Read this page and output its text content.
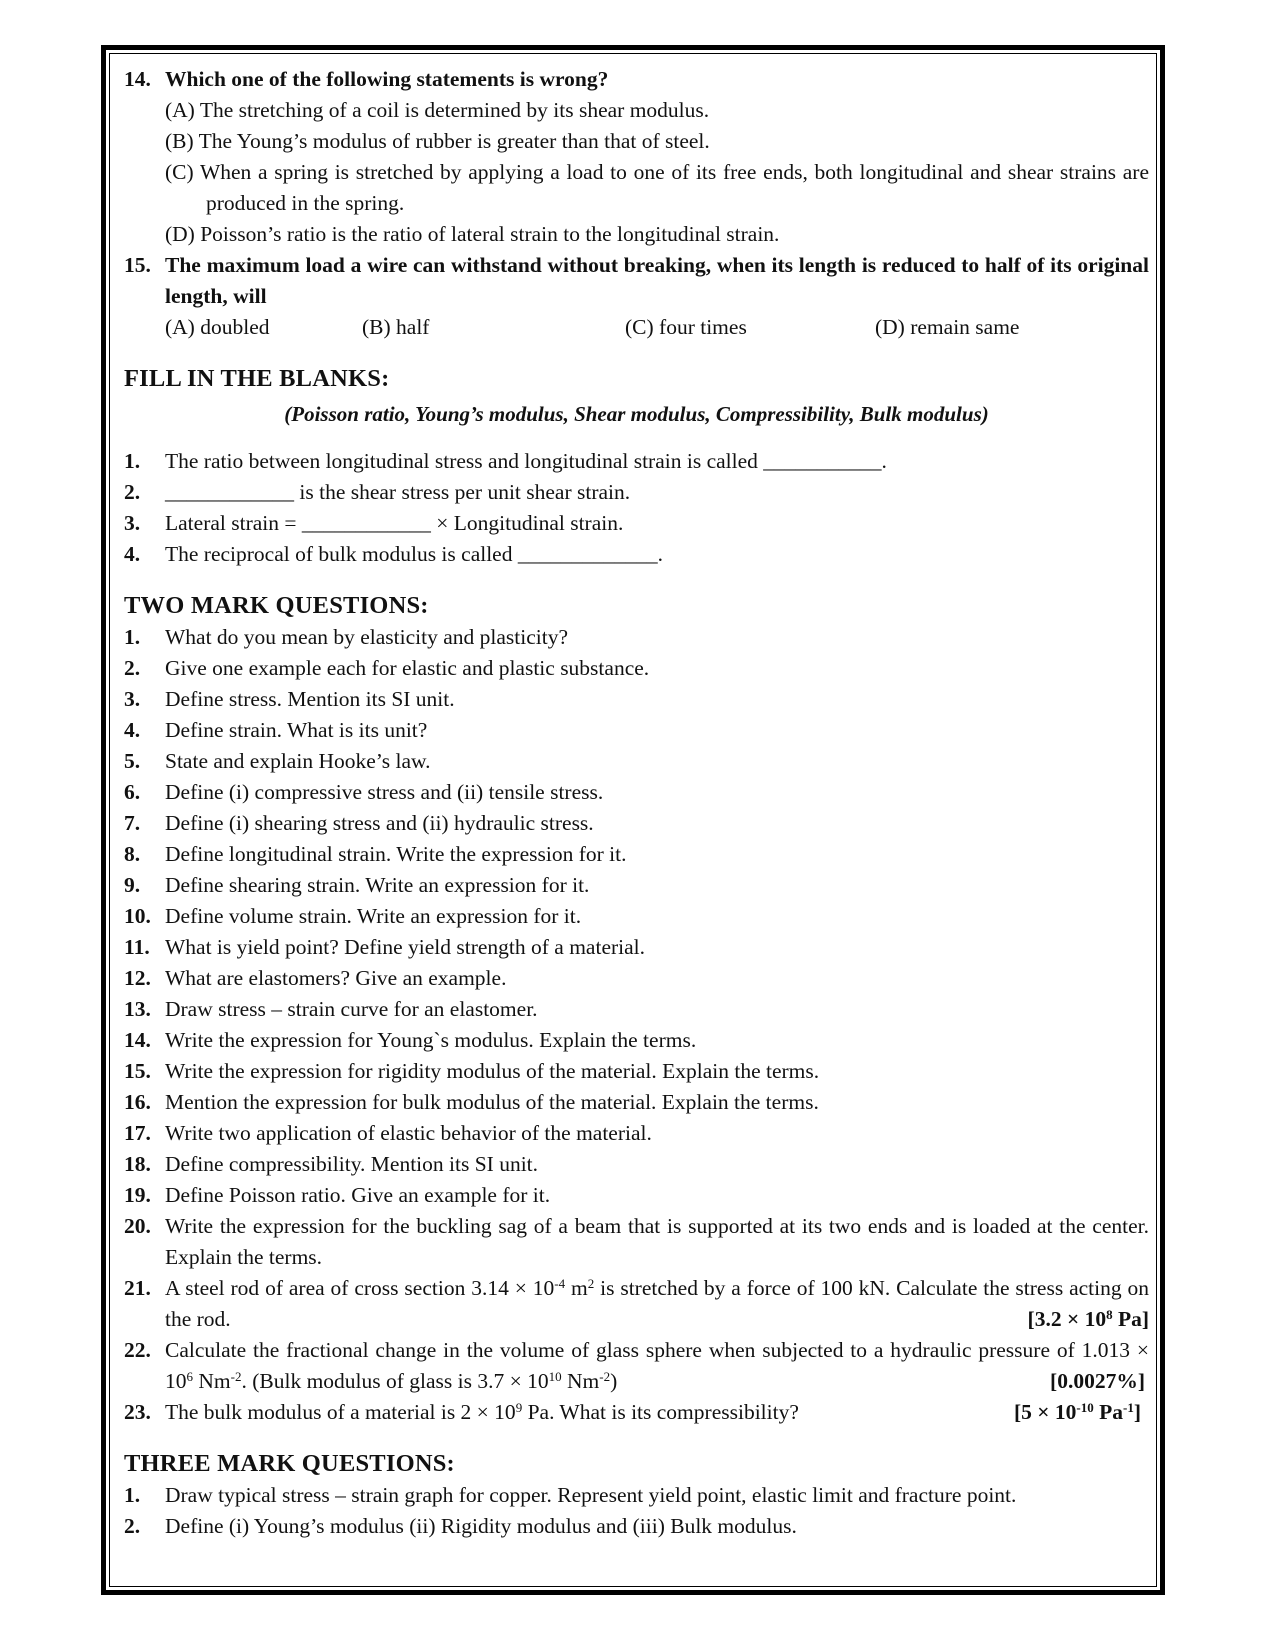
14. Which one of the following statements is wrong?
(A) The stretching of a coil is determined by its shear modulus.
(B) The Young’s modulus of rubber is greater than that of steel.
(C) When a spring is stretched by applying a load to one of its free ends, both longitudinal and shear strains are produced in the spring.
(D) Poisson’s ratio is the ratio of lateral strain to the longitudinal strain.
15. The maximum load a wire can withstand without breaking, when its length is reduced to half of its original length, will
(A) doubled	(B) half	(C) four times	(D) remain same
FILL IN THE BLANKS:
(Poisson ratio, Young’s modulus, Shear modulus, Compressibility, Bulk modulus)
1.	The ratio between longitudinal stress and longitudinal strain is called ___________.
2.	____________ is the shear stress per unit shear strain.
3.	Lateral strain = ____________ × Longitudinal strain.
4.	The reciprocal of bulk modulus is called _____________.
TWO MARK QUESTIONS:
1.	What do you mean by elasticity and plasticity?
2.	Give one example each for elastic and plastic substance.
3.	Define stress. Mention its SI unit.
4.	Define strain. What is its unit?
5.	State and explain Hooke’s law.
6.	Define (i) compressive stress and (ii) tensile stress.
7.	Define (i) shearing stress and (ii) hydraulic stress.
8.	Define longitudinal strain. Write the expression for it.
9.	Define shearing strain. Write an expression for it.
10. Define volume strain. Write an expression for it.
11. What is yield point? Define yield strength of a material.
12. What are elastomers? Give an example.
13. Draw stress – strain curve for an elastomer.
14. Write the expression for Young`s modulus. Explain the terms.
15. Write the expression for rigidity modulus of the material. Explain the terms.
16. Mention the expression for bulk modulus of the material. Explain the terms.
17. Write two application of elastic behavior of the material.
18. Define compressibility. Mention its SI unit.
19. Define Poisson ratio. Give an example for it.
20. Write the expression for the buckling sag of a beam that is supported at its two ends and is loaded at the center. Explain the terms.
21. A steel rod of area of cross section $3.14 \times 10^{-4}$ $m^2$ is stretched by a force of 100 kN. Calculate the stress acting on the rod.	[$3.2 \times 10^8$ Pa]
22. Calculate the fractional change in the volume of glass sphere when subjected to a hydraulic pressure of $1.013 \times 10^6$ $Nm^{-2}$. (Bulk modulus of glass is $3.7 \times 10^{10}$ $Nm^{-2}$)	[0.0027%]
23. The bulk modulus of a material is $2 \times 10^9$ Pa. What is its compressibility?	[$5 \times 10^{-10}$ $Pa^{-1}$]
THREE MARK QUESTIONS:
1.	Draw typical stress – strain graph for copper. Represent yield point, elastic limit and fracture point.
2.	Define (i) Young’s modulus (ii) Rigidity modulus and (iii) Bulk modulus.
